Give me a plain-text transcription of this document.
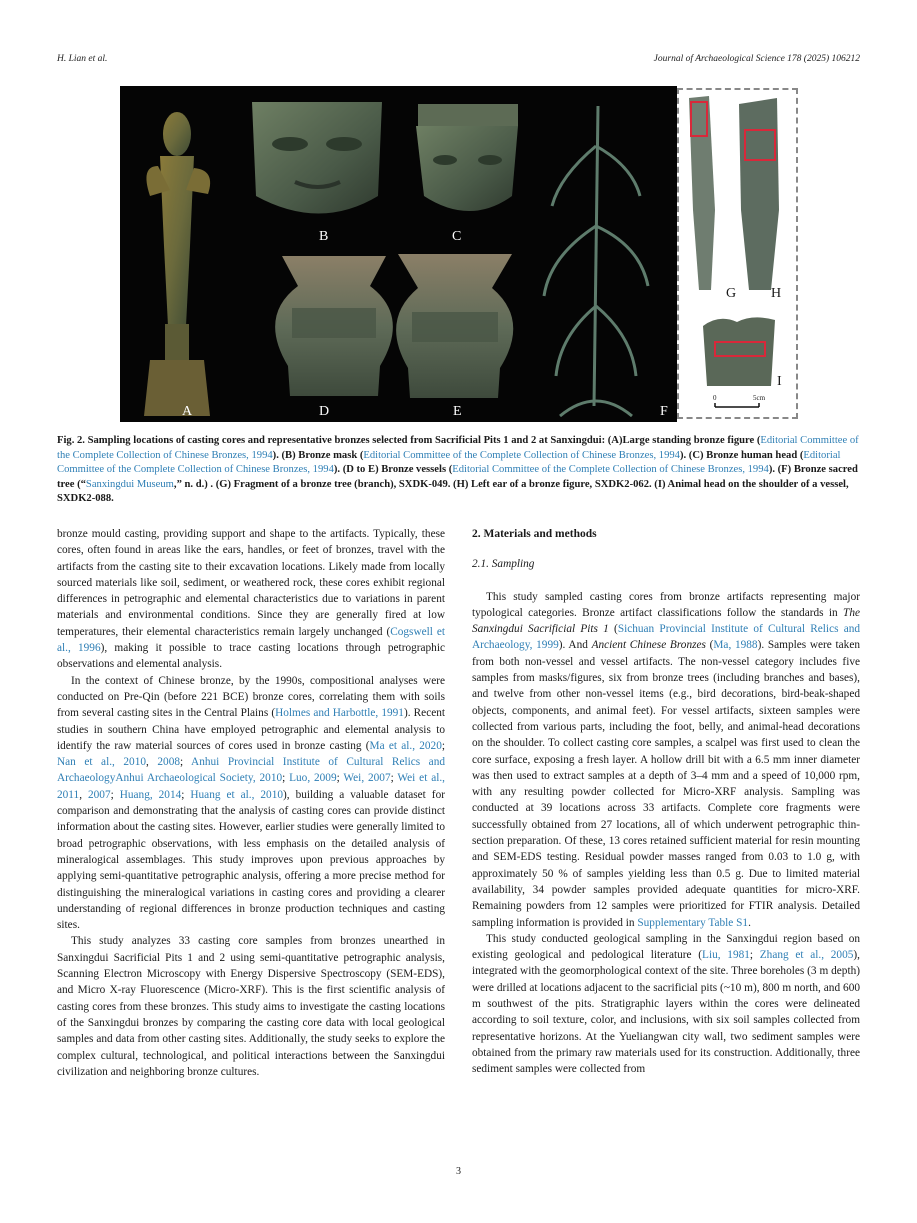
H. Lian et al.	Journal of Archaeological Science 178 (2025) 106212
A
B	C
D	E	F
G H
I
0	5cm
Fig. 2. Sampling locations of casting cores and representative bronzes selected from Sacrificial Pits 1 and 2 at Sanxingdui: (A)Large standing bronze figure (Editorial Committee of the Complete Collection of Chinese Bronzes, 1994). (B) Bronze mask (Editorial Committee of the Complete Collection of Chinese Bronzes, 1994). (C) Bronze human head (Editorial Committee of the Complete Collection of Chinese Bronzes, 1994). (D to E) Bronze vessels (Editorial Committee of the Complete Collection of Chinese Bronzes, 1994). (F) Bronze sacred tree (“Sanxingdui Museum,” n. d.) . (G) Fragment of a bronze tree (branch), SXDK-049. (H) Left ear of a bronze figure, SXDK2-062. (I) Animal head on the shoulder of a vessel, SXDK2-088.

bronze mould casting, providing support and shape to the artifacts. Typically, these cores, often found in areas like the ears, handles, or feet of bronzes, travel with the artifacts from the casting site to their excavation locations. Likely made from locally sourced materials like soil, sediment, or weathered rock, these cores exhibit regional differences in petrographic and elemental characteristics due to variations in parent materials and environmental conditions. Since they are generally fired at low temperatures, their elemental characteristics remain largely unchanged (Cogswell et al., 1996), making it possible to trace casting locations through petrographic observations and elemental analysis.

In the context of Chinese bronze, by the 1990s, compositional analyses were conducted on Pre-Qin (before 221 BCE) bronze cores, correlating them with soils from several casting sites in the Central Plains (Holmes and Harbottle, 1991). Recent studies in southern China have employed petrographic and elemental analysis to identify the raw material sources of cores used in bronze casting (Ma et al., 2020; Nan et al., 2010, 2008; Anhui Provincial Institute of Cultural Relics and ArchaeologyAnhui Archaeological Society, 2010; Luo, 2009; Wei, 2007; Wei et al., 2011, 2007; Huang, 2014; Huang et al., 2010), building a valuable dataset for comparison and demonstrating that the analysis of casting cores can provide distinct information about the casting sites. However, earlier studies were generally limited to broad petrographic observations, with less emphasis on the detailed analysis of mineralogical assemblages. This study improves upon previous approaches by applying semi-quantitative petrographic analysis, offering a more precise method for distinguishing the mineralogical variations in casting cores and providing a clearer understanding of regional differences in bronze production techniques and casting sites.

This study analyzes 33 casting core samples from bronzes unearthed in Sanxingdui Sacrificial Pits 1 and 2 using semi-quantitative petrographic analysis, Scanning Electron Microscopy with Energy Dispersive Spectroscopy (SEM-EDS), and Micro X-ray Fluorescence (Micro-XRF). This is the first scientific analysis of casting cores from these bronzes. This study aims to investigate the casting locations of the Sanxingdui bronzes by comparing the casting core data with local geological samples and data from other casting sites. Additionally, the study seeks to explore the complex cultural, technological, and political interactions between the Sanxingdui civilization and neighboring bronze cultures.

2. Materials and methods
2.1. Sampling

This study sampled casting cores from bronze artifacts representing major typological categories. Bronze artifact classifications follow the standards in The Sanxingdui Sacrificial Pits 1 (Sichuan Provincial Institute of Cultural Relics and Archaeology, 1999). And Ancient Chinese Bronzes (Ma, 1988). Samples were taken from both non-vessel and vessel artifacts. The non-vessel category includes five samples from masks/figures, six from bronze trees (including branches and bases), and twelve from other non-vessel items (e.g., bird decorations, bird-beak-shaped objects, components, and animal feet). For vessel artifacts, sixteen samples were collected from various parts, including the foot, belly, and animal-head decorations on the shoulder. To collect casting core samples, a scalpel was first used to clean the core surface, exposing a fresh layer. A hollow drill bit with a 6.5 mm inner diameter was then used to extract samples at a depth of 3–4 mm and a speed of 10,000 rpm, with any resulting powder collected for Micro-XRF analysis. Sampling was conducted at 39 locations across 33 artifacts. Complete core fragments were successfully obtained from 27 locations, all of which underwent petrographic thin-section preparation. Of these, 13 cores retained sufficient material for resin mounting and SEM-EDS testing. Residual powder masses ranged from 0.03 to 1.0 g, with approximately 50 % of samples yielding less than 0.5 g. Due to limited material availability, 34 powder samples provided adequate quantities for micro-XRF. Remaining powders from 12 samples were prioritized for FTIR analysis. Detailed sampling information is provided in Supplementary Table S1.

This study conducted geological sampling in the Sanxingdui region based on existing geological and pedological literature (Liu, 1981; Zhang et al., 2005), integrated with the geomorphological context of the site. Three boreholes (3 m depth) were drilled at locations adjacent to the sacrificial pits (~10 m), 800 m north, and 600 m southwest of the pits. Stratigraphic layers within the cores were delineated according to soil texture, color, and inclusions, with six soil samples collected from representative horizons. At the Yueliangwan city wall, two sediment samples were obtained from the primary raw materials used for its construction. Additionally, three sediment samples were collected from

3
